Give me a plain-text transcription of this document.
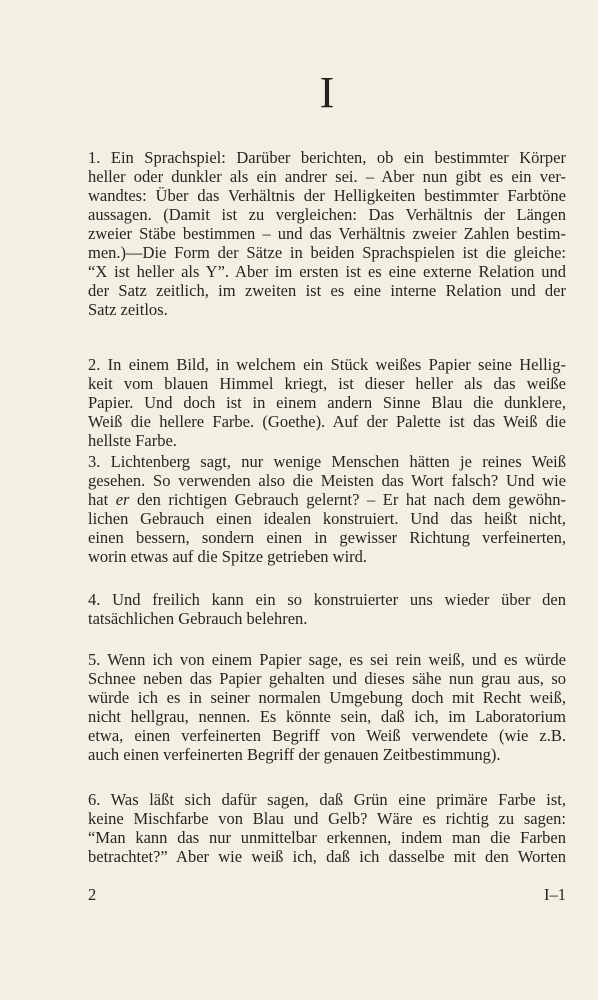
I
1. Ein Sprachspiel: Darüber berichten, ob ein bestimmter Körper
heller oder dunkler als ein andrer sei. – Aber nun gibt es ein ver-
wandtes: Über das Verhältnis der Helligkeiten bestimmter Farbtöne
aussagen. (Damit ist zu vergleichen: Das Verhältnis der Längen
zweier Stäbe bestimmen – und das Verhältnis zweier Zahlen bestim-
men.)—Die Form der Sätze in beiden Sprachspielen ist die gleiche:
“X ist heller als Y”. Aber im ersten ist es eine externe Relation und
der Satz zeitlich, im zweiten ist es eine interne Relation und der
Satz zeitlos.
2. In einem Bild, in welchem ein Stück weißes Papier seine Hellig-
keit vom blauen Himmel kriegt, ist dieser heller als das weiße
Papier. Und doch ist in einem andern Sinne Blau die dunklere,
Weiß die hellere Farbe. (Goethe). Auf der Palette ist das Weiß die
hellste Farbe.
3. Lichtenberg sagt, nur wenige Menschen hätten je reines Weiß
gesehen. So verwenden also die Meisten das Wort falsch? Und wie
hat er den richtigen Gebrauch gelernt? – Er hat nach dem gewöhn-
lichen Gebrauch einen idealen konstruiert. Und das heißt nicht,
einen bessern, sondern einen in gewisser Richtung verfeinerten,
worin etwas auf die Spitze getrieben wird.
4. Und freilich kann ein so konstruierter uns wieder über den
tatsächlichen Gebrauch belehren.
5. Wenn ich von einem Papier sage, es sei rein weiß, und es würde
Schnee neben das Papier gehalten und dieses sähe nun grau aus, so
würde ich es in seiner normalen Umgebung doch mit Recht weiß,
nicht hellgrau, nennen. Es könnte sein, daß ich, im Laboratorium
etwa, einen verfeinerten Begriff von Weiß verwendete (wie z.B.
auch einen verfeinerten Begriff der genauen Zeitbestimmung).
6. Was läßt sich dafür sagen, daß Grün eine primäre Farbe ist,
keine Mischfarbe von Blau und Gelb? Wäre es richtig zu sagen:
“Man kann das nur unmittelbar erkennen, indem man die Farben
betrachtet?” Aber wie weiß ich, daß ich dasselbe mit den Worten
2	I–1
